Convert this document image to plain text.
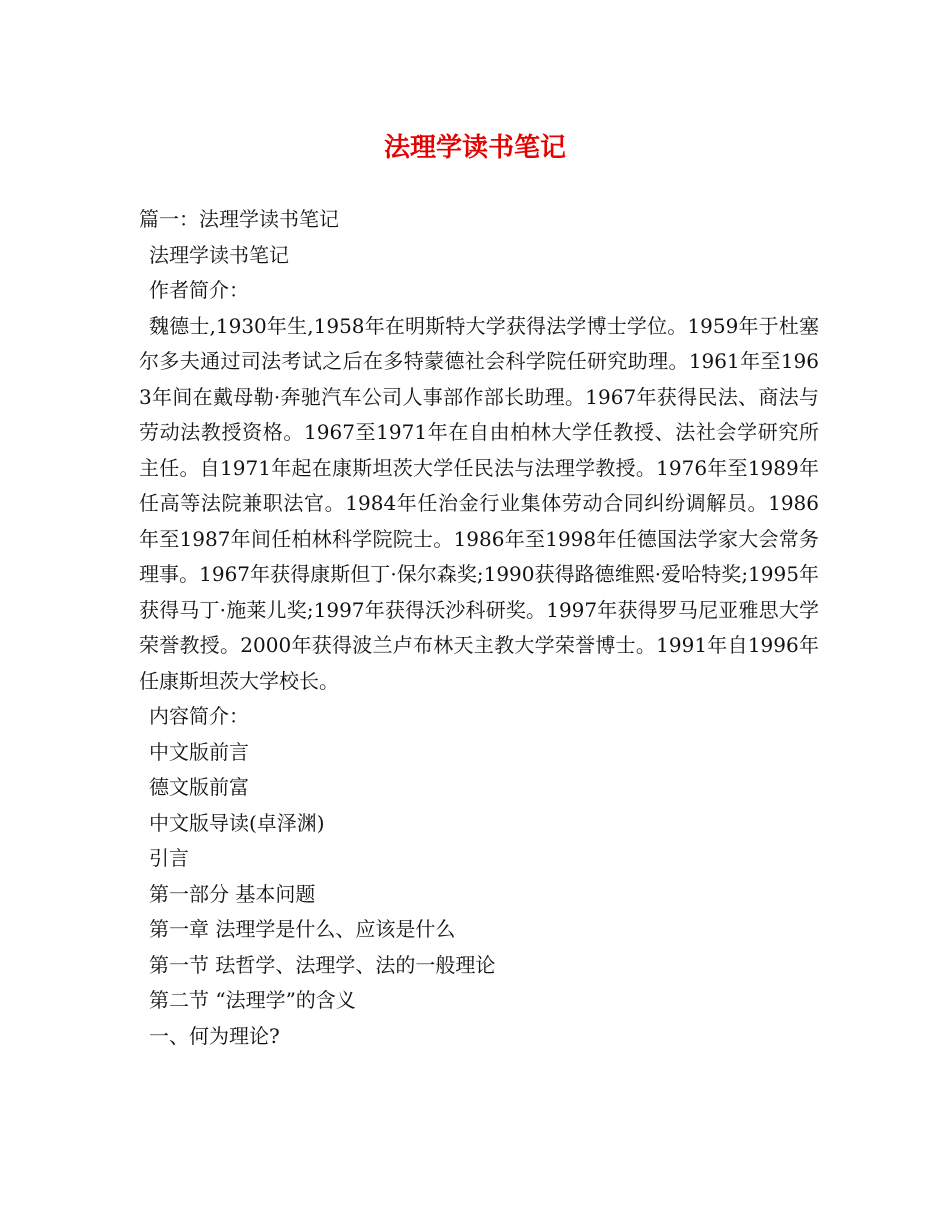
法理学读书笔记
篇一：法理学读书笔记
法理学读书笔记
作者简介：
魏德士,1930年生,1958年在明斯特大学获得法学博士学位。1959年于杜塞尔多夫通过司法考试之后在多特蒙德社会科学院任研究助理。1961年至1963年间在戴母勒·奔驰汽车公司人事部作部长助理。1967年获得民法、商法与劳动法教授资格。1967至1971年在自由柏林大学任教授、法社会学研究所主任。自1971年起在康斯坦茨大学任民法与法理学教授。1976年至1989年任高等法院兼职法官。1984年任治金行业集体劳动合同纠纷调解员。1986年至1987年间任柏林科学院院士。1986年至1998年任德国法学家大会常务理事。1967年获得康斯但丁·保尔森奖;1990获得路德维熙·爱哈特奖;1995年获得马丁·施莱儿奖;1997年获得沃沙科研奖。1997年获得罗马尼亚雅思大学荣誉教授。2000年获得波兰卢布林天主教大学荣誉博士。1991年自1996年任康斯坦茨大学校长。
内容简介：
中文版前言
德文版前富
中文版导读(卓泽渊)
引言
第一部分 基本问题
第一章 法理学是什么、应该是什么
第一节 珐哲学、法理学、法的一般理论
第二节 “法理学”的含义
一、何为理论?
